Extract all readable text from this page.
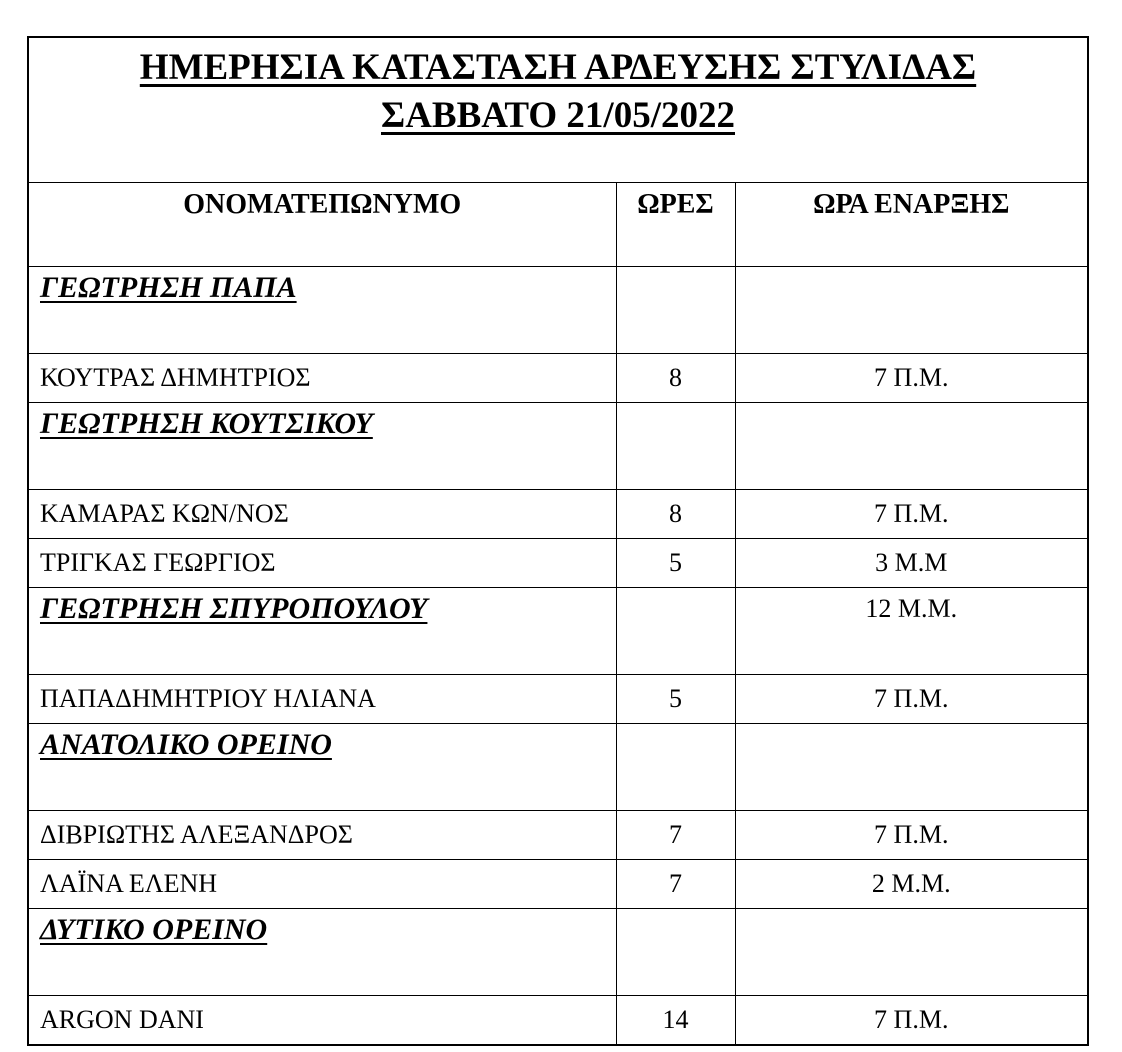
ΗΜΕΡΗΣΙΑ ΚΑΤΑΣΤΑΣΗ ΑΡΔΕΥΣΗΣ ΣΤΥΛΙΔΑΣ
ΣΑΒΒΑΤΟ 21/05/2022
ΟΝΟΜΑΤΕΠΩΝΥΜΟ	ΩΡΕΣ	ΩΡΑ ΕΝΑΡΞΗΣ
ΓΕΩΤΡΗΣΗ ΠΑΠΑ		
ΚΟΥΤΡΑΣ ΔΗΜΗΤΡΙΟΣ	8	7 Π.Μ.
ΓΕΩΤΡΗΣΗ ΚΟΥΤΣΙΚΟΥ		
ΚΑΜΑΡΑΣ ΚΩΝ/ΝΟΣ	8	7 Π.Μ.
ΤΡΙΓΚΑΣ ΓΕΩΡΓΙΟΣ	5	3 Μ.Μ
ΓΕΩΤΡΗΣΗ ΣΠΥΡΟΠΟΥΛΟΥ		12 Μ.Μ.
ΠΑΠΑΔΗΜΗΤΡΙΟΥ ΗΛΙΑΝΑ	5	7 Π.Μ.
ΑΝΑΤΟΛΙΚΟ ΟΡΕΙΝΟ		
ΔΙΒΡΙΩΤΗΣ ΑΛΕΞΑΝΔΡΟΣ	7	7 Π.Μ.
ΛΑΪΝΑ ΕΛΕΝΗ	7	2 Μ.Μ.
ΔΥΤΙΚΟ ΟΡΕΙΝΟ		
ARGON DANI	14	7 Π.Μ.
